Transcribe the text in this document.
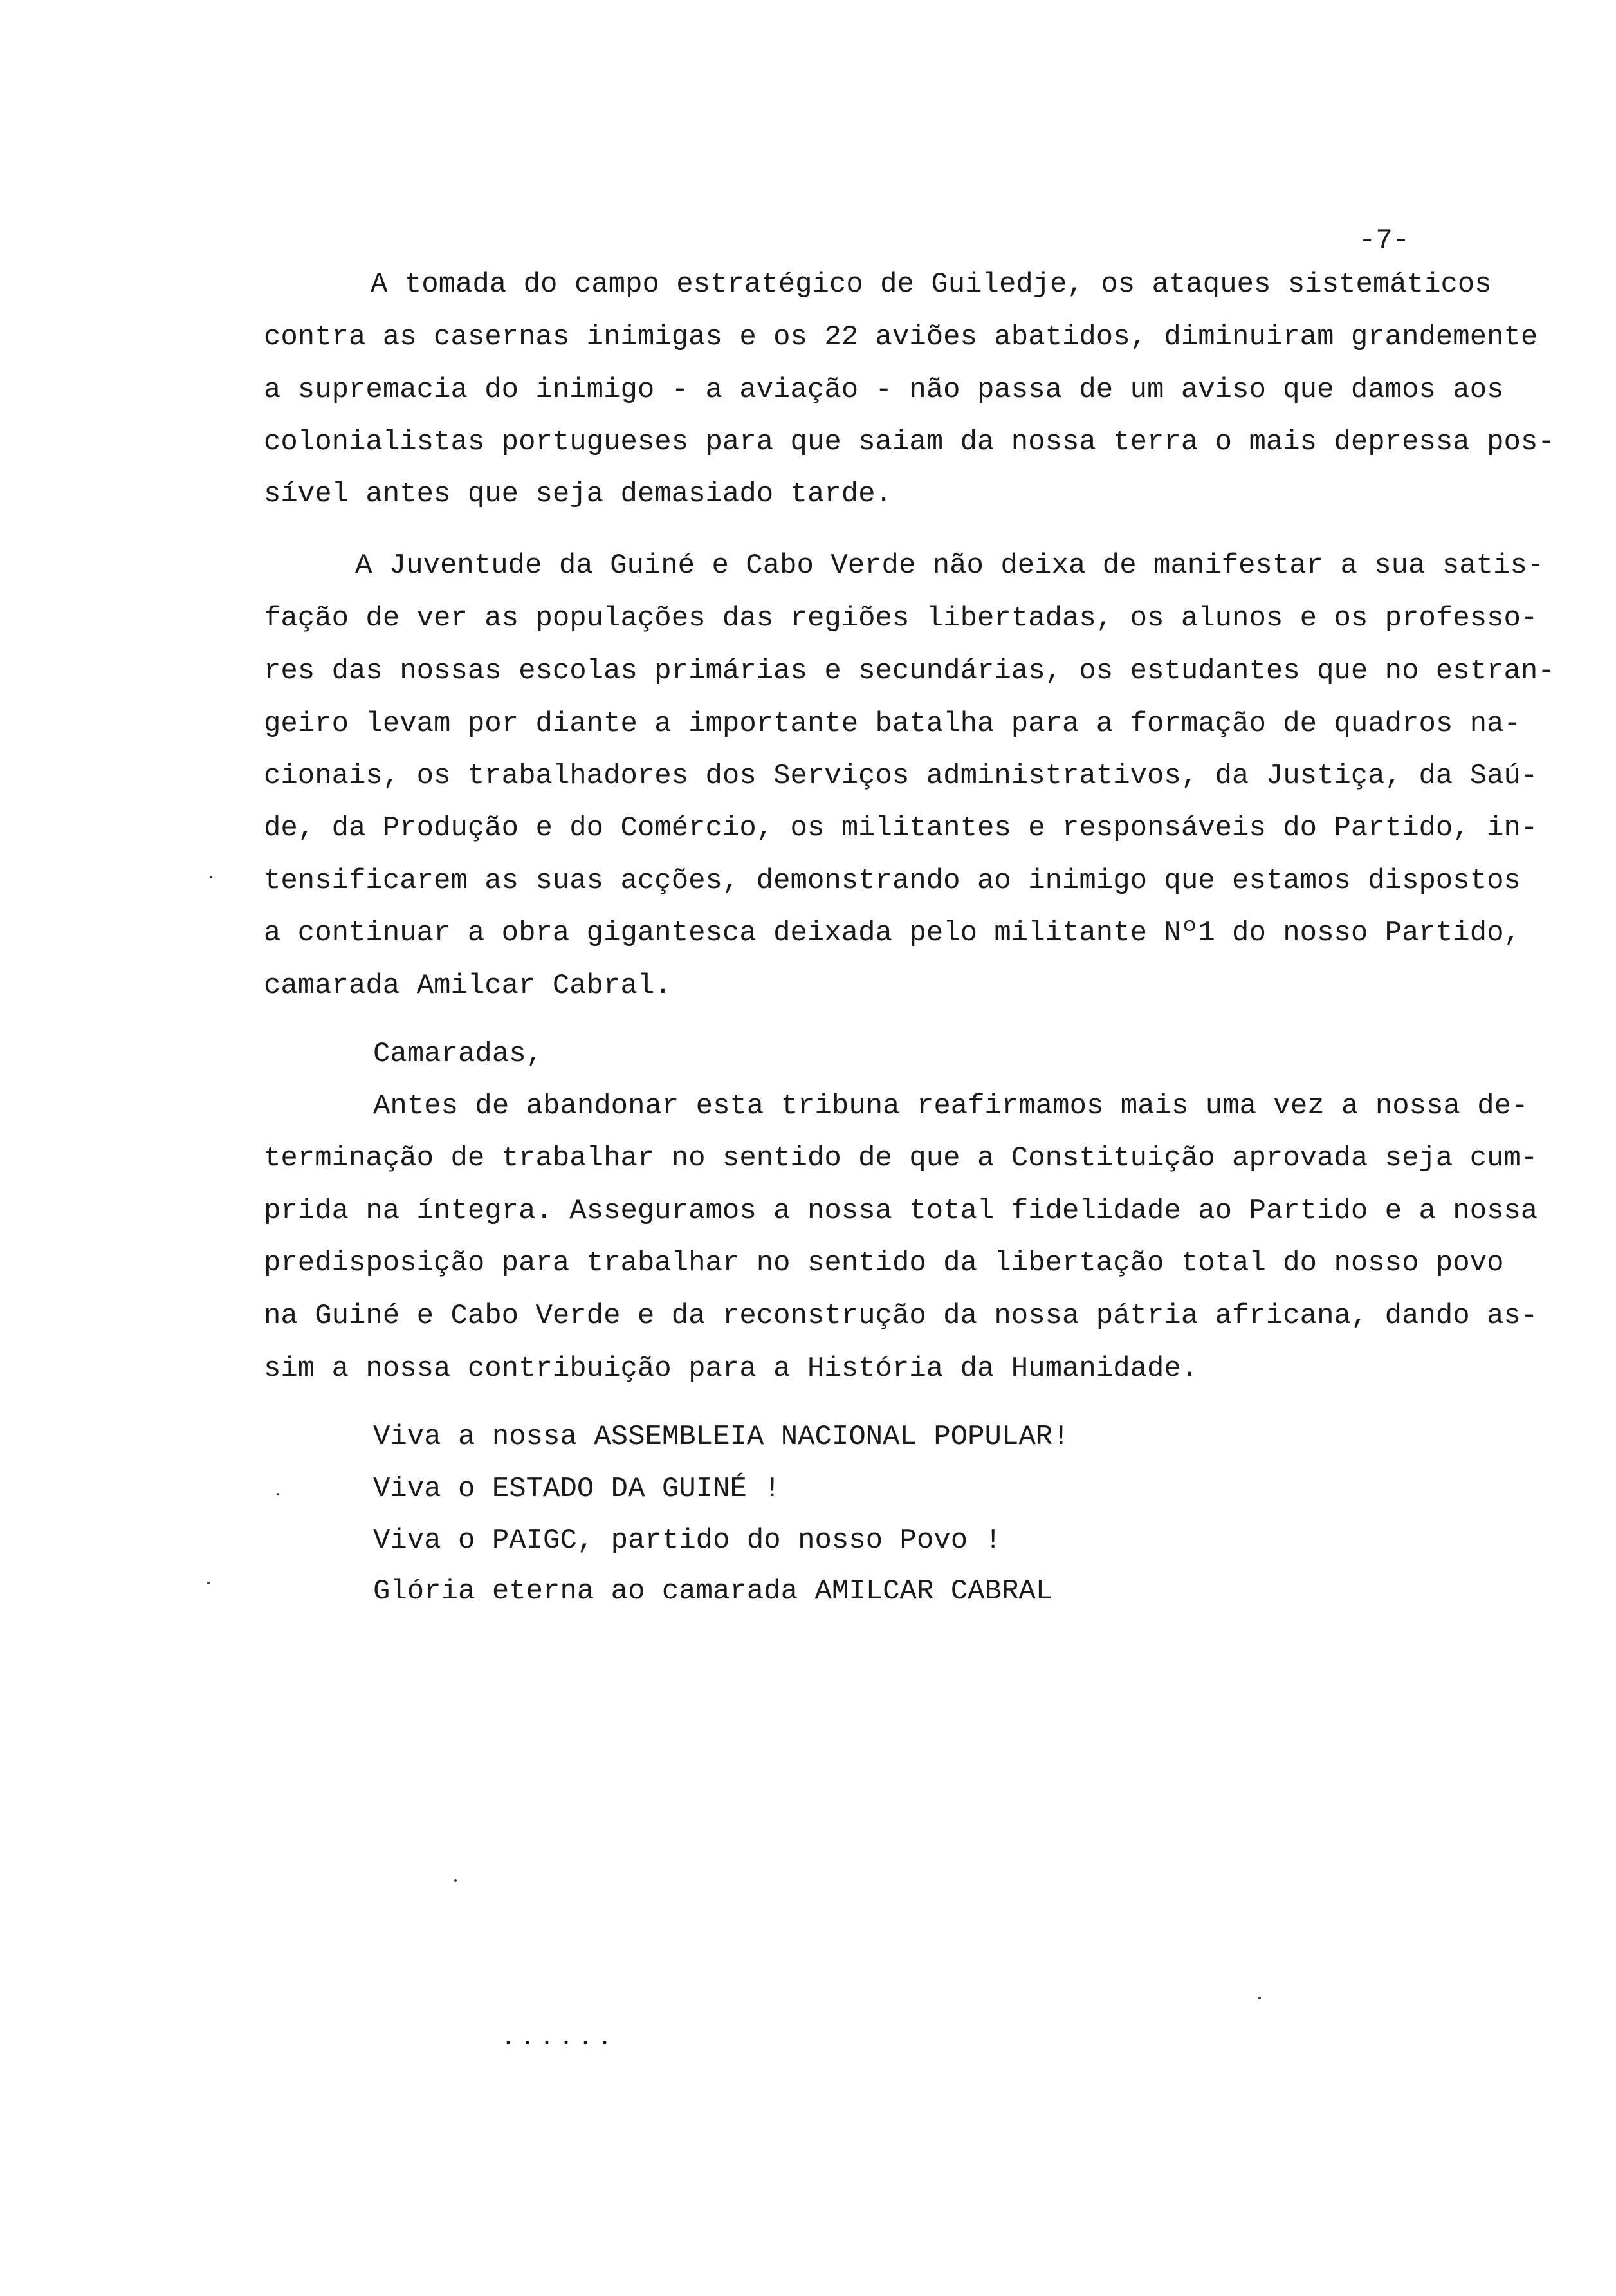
-7-
A tomada do campo estratégico de Guiledje, os ataques sistemáticos
contra as casernas inimigas e os 22 aviões abatidos, diminuiram grandemente
a supremacia do inimigo - a aviação - não passa de um aviso que damos aos
colonialistas portugueses para que saiam da nossa terra o mais depressa pos-
sível antes que seja demasiado tarde.
A Juventude da Guiné e Cabo Verde não deixa de manifestar a sua satis-
fação de ver as populações das regiões libertadas, os alunos e os professo-
res das nossas escolas primárias e secundárias, os estudantes que no estran-
geiro levam por diante a importante batalha para a formação de quadros na-
cionais, os trabalhadores dos Serviços administrativos, da Justiça, da Saú-
de, da Produção e do Comércio, os militantes e responsáveis do Partido, in-
tensificarem as suas acções, demonstrando ao inimigo que estamos dispostos
a continuar a obra gigantesca deixada pelo militante Nº1 do nosso Partido,
camarada Amilcar Cabral.
Camaradas,
Antes de abandonar esta tribuna reafirmamos mais uma vez a nossa de-
terminação de trabalhar no sentido de que a Constituição aprovada seja cum-
prida na íntegra. Asseguramos a nossa total fidelidade ao Partido e a nossa
predisposição para trabalhar no sentido da libertação total do nosso povo
na Guiné e Cabo Verde e da reconstrução da nossa pátria africana, dando as-
sim a nossa contribuição para a História da Humanidade.
Viva a nossa ASSEMBLEIA NACIONAL POPULAR!
Viva o ESTADO DA GUINÉ !
Viva o PAIGC, partido do nosso Povo !
Glória eterna ao camarada AMILCAR CABRAL
......
